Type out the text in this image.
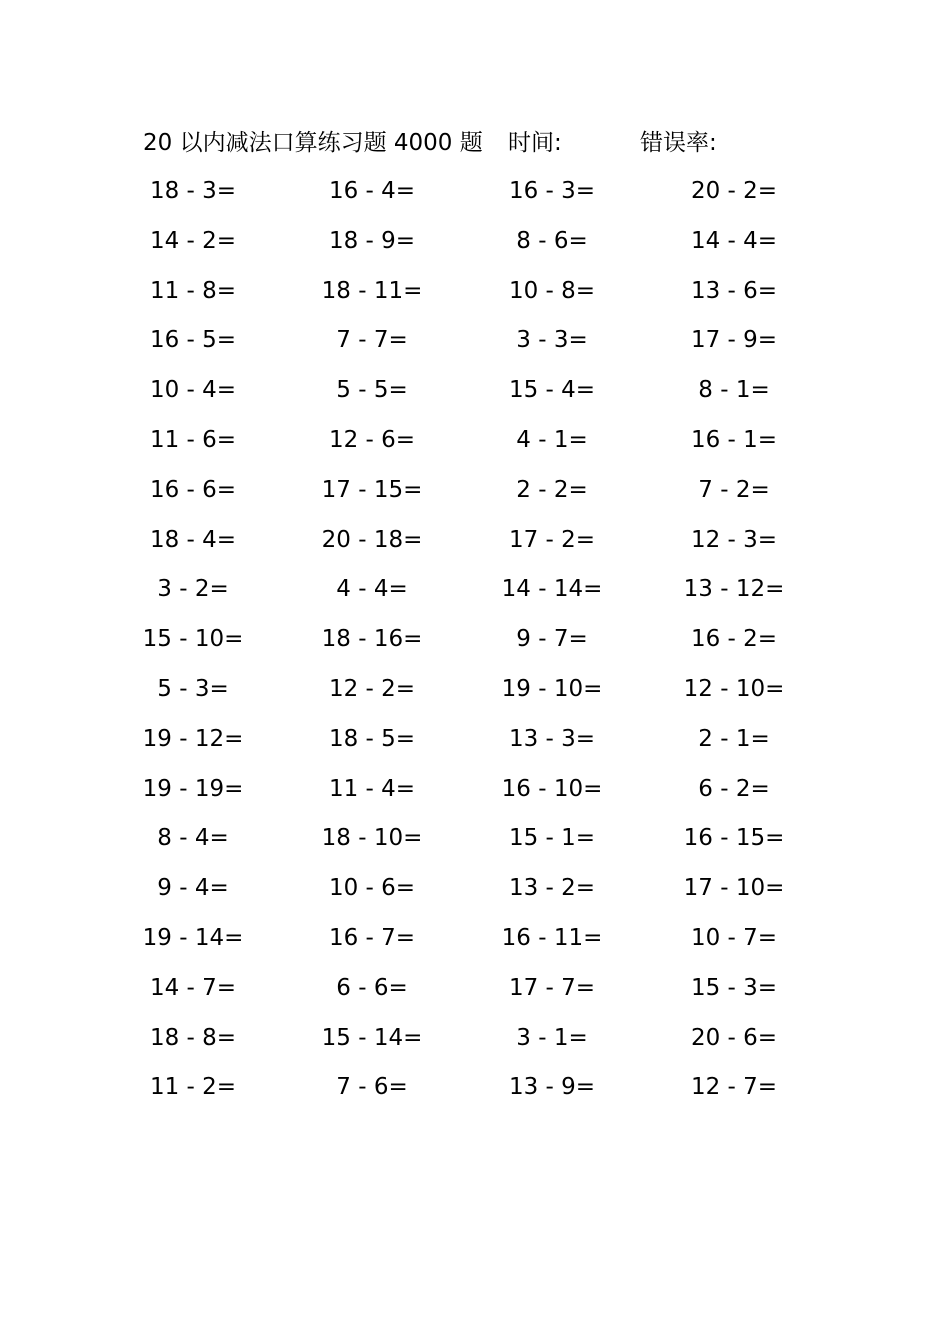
20 以内减法口算练习题 4000 题 时间:	错误率:
18 - 3=	16 - 4=	16 - 3=	20 - 2=
14 - 2=	18 - 9=	8 - 6=	14 - 4=
11 - 8=	18 - 11=	10 - 8=	13 - 6=
16 - 5=	7 - 7=	3 - 3=	17 - 9=
10 - 4=	5 - 5=	15 - 4=	8 - 1=
11 - 6=	12 - 6=	4 - 1=	16 - 1=
16 - 6=	17 - 15=	2 - 2=	7 - 2=
18 - 4=	20 - 18=	17 - 2=	12 - 3=
3 - 2=	4 - 4=	14 - 14=	13 - 12=
15 - 10=	18 - 16=	9 - 7=	16 - 2=
5 - 3=	12 - 2=	19 - 10=	12 - 10=
19 - 12=	18 - 5=	13 - 3=	2 - 1=
19 - 19=	11 - 4=	16 - 10=	6 - 2=
8 - 4=	18 - 10=	15 - 1=	16 - 15=
9 - 4=	10 - 6=	13 - 2=	17 - 10=
19 - 14=	16 - 7=	16 - 11=	10 - 7=
14 - 7=	6 - 6=	17 - 7=	15 - 3=
18 - 8=	15 - 14=	3 - 1=	20 - 6=
11 - 2=	7 - 6=	13 - 9=	12 - 7=
